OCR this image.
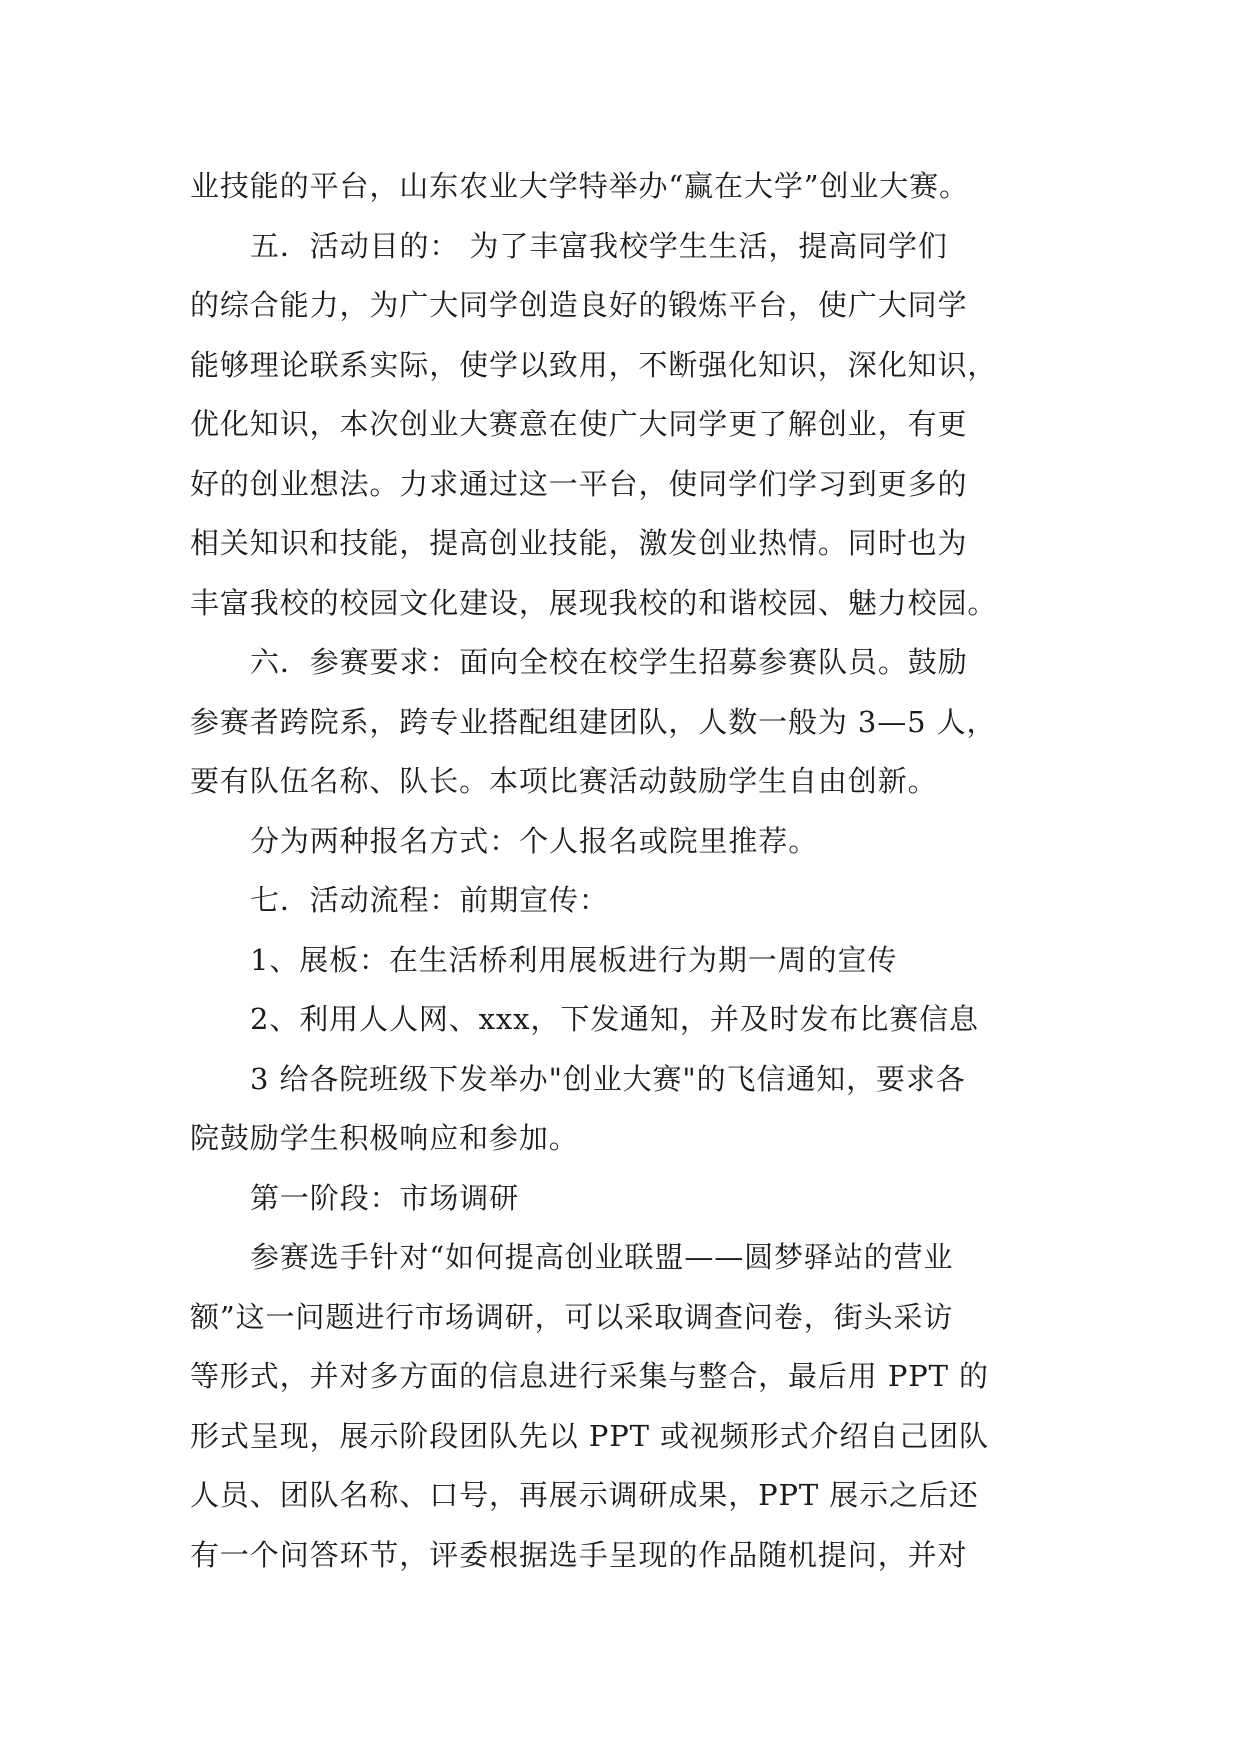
业技能的平台，山东农业大学特举办“赢在大学”创业大赛。
五．活动目的： 为了丰富我校学生生活，提高同学们
的综合能力，为广大同学创造良好的锻炼平台，使广大同学
能够理论联系实际，使学以致用，不断强化知识，深化知识，
优化知识，本次创业大赛意在使广大同学更了解创业，有更
好的创业想法。力求通过这一平台，使同学们学习到更多的
相关知识和技能，提高创业技能，激发创业热情。同时也为
丰富我校的校园文化建设，展现我校的和谐校园、魅力校园。
六．参赛要求：面向全校在校学生招募参赛队员。鼓励
参赛者跨院系，跨专业搭配组建团队，人数一般为 3—5 人，
要有队伍名称、队长。本项比赛活动鼓励学生自由创新。
分为两种报名方式：个人报名或院里推荐。
七．活动流程：前期宣传：
1、展板：在生活桥利用展板进行为期一周的宣传
2、利用人人网、xxx，下发通知，并及时发布比赛信息
3 给各院班级下发举办"创业大赛"的飞信通知，要求各
院鼓励学生积极响应和参加。
第一阶段：市场调研
参赛选手针对“如何提高创业联盟——圆梦驿站的营业
额”这一问题进行市场调研，可以采取调查问卷，街头采访
等形式，并对多方面的信息进行采集与整合，最后用 PPT 的
形式呈现，展示阶段团队先以 PPT 或视频形式介绍自己团队
人员、团队名称、口号，再展示调研成果，PPT 展示之后还
有一个问答环节，评委根据选手呈现的作品随机提问，并对
